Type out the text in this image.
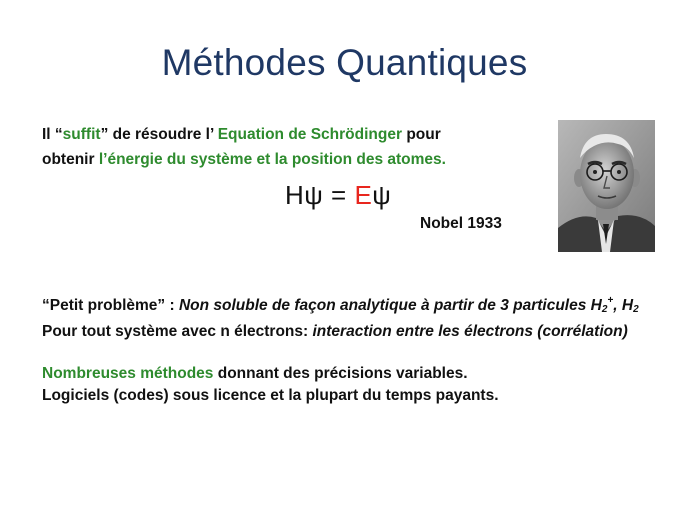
Méthodes Quantiques
Il “suffit” de résoudre l’ Equation de Schrödinger pour
obtenir l’énergie du système et la position des atomes.
Hψ = Eψ
Nobel 1933

“Petit problème” : Non soluble de façon analytique à partir de 3 particules $H_2^+$, $H_2$

Pour tout système avec n électrons: interaction entre les électrons (corrélation)

Nombreuses méthodes donnant des précisions variables.

Logiciels (codes) sous licence et la plupart du temps payants.
